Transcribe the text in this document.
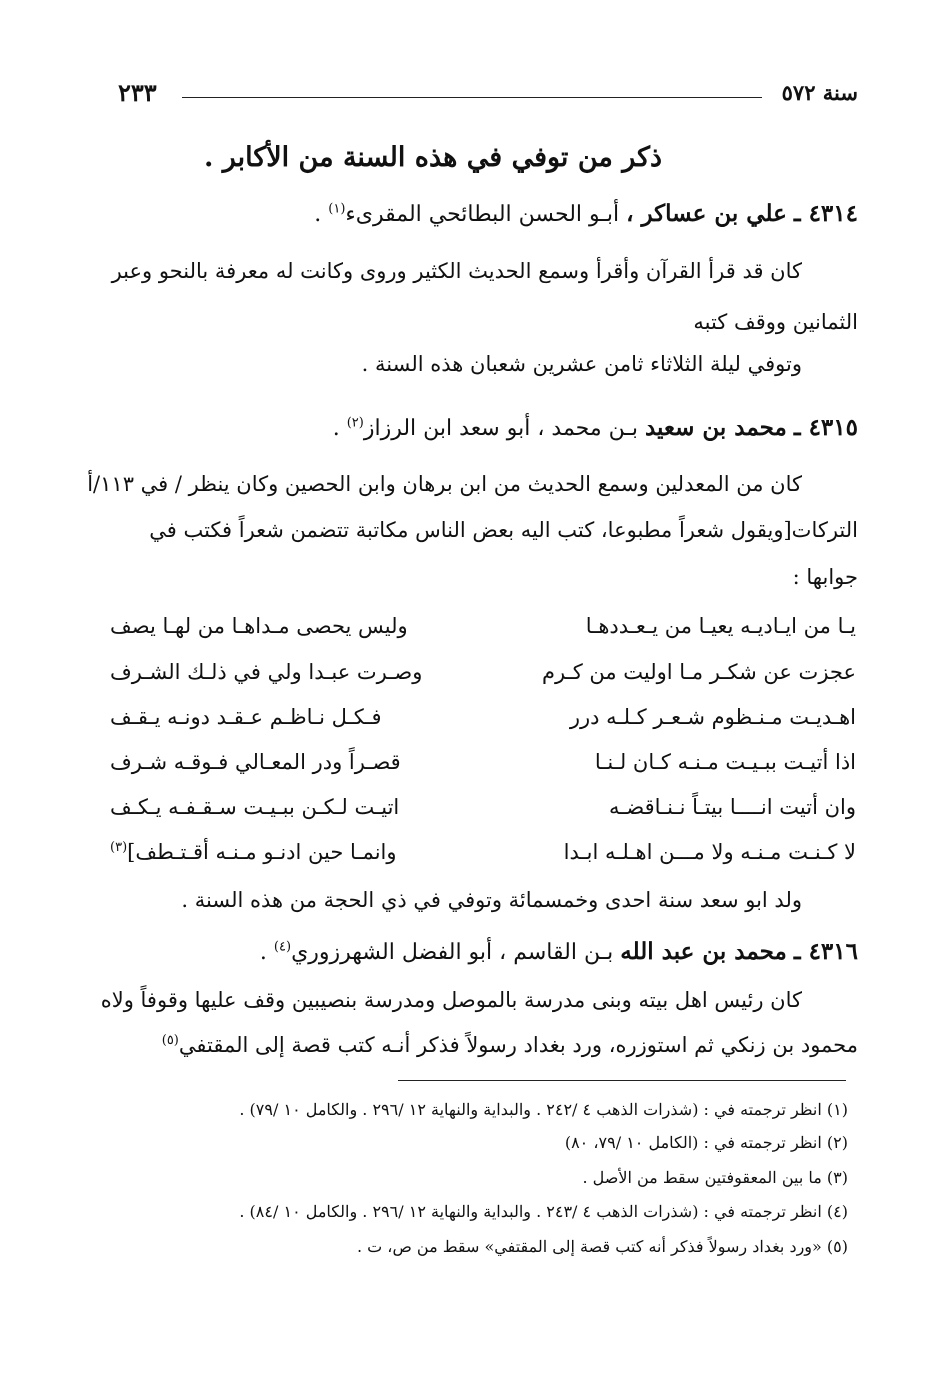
سنة ٥٧٢
٢٣٣
ذكر من توفي في هذه السنة من الأكابر .
٤٣١٤ ـ علي بن عساكر ، أبـو الحسن البطائحي المقرىء$^{(١)}$ .
كان قد قرأ القرآن وأقرأ وسمع الحديث الكثير وروى وكانت له معرفة بالنحو وعبر
الثمانين ووقف كتبه
وتوفي ليلة الثلاثاء ثامن عشرين شعبان هذه السنة .
٤٣١٥ ـ محمد بن سعيد بـن محمد ، أبو سعد ابن الرزاز$^{(٢)}$ .
كان من المعدلين وسمع الحديث من ابن برهان وابن الحصين وكان ينظر / في ١١٣/أ
التركات[ويقول شعراً مطبوعا، كتب اليه بعض الناس مكاتبة تتضمن شعراً فكتب في
جوابها :
يـا من ايـاديـه يعيـا من يـعـددهـا
وليس يحصى مـداهـا من لهـا يصف
عجزت عن شكـر مـا اوليت من كـرم
وصـرت عبـدا ولي في ذلـك الشـرف
اهـديـت مـنـظوم شـعـر كـلـه درر
فـكـل نـاظـم عـقـد دونـه يـقـف
اذا أتيـت ببـيـت مـنـه كـان لـنـا
قصـراً ودر المعـالي فـوقـه شـرف
وان أتيت انــــا بيتـاً نـنـاقضـه
اتيـت لـكـن ببـيـت سـقـفـه يـكـف
لا كـنـت مـنـه ولا مـــن اهـلـه ابـدا
وانمـا حين ادنـو مـنـه أقـتـطف]$^{(٣)}$
ولد ابو سعد سنة احدى وخمسمائة وتوفي في ذي الحجة من هذه السنة .
٤٣١٦ ـ محمد بن عبد الله بـن القاسم ، أبو الفضل الشهرزوري$^{(٤)}$ .
كان رئيس اهل بيته وبنى مدرسة بالموصل ومدرسة بنصيبين وقف عليها وقوفاً ولاه
محمود بن زنكي ثم استوزره، ورد بغداد رسولاً فذكر أنـه كتب قصة إلى المقتفي$^{(٥)}$
(١) انظر ترجمته في : (شذرات الذهب ٤ /٢٤٢ . والبداية والنهاية ١٢ /٢٩٦ . والكامل ١٠ /٧٩) .
(٢) انظر ترجمته في : (الكامل ١٠ /٧٩، ٨٠)
(٣) ما بين المعقوفتين سقط من الأصل .
(٤) انظر ترجمته في : (شذرات الذهب ٤ /٢٤٣ . والبداية والنهاية ١٢ /٢٩٦ . والكامل ١٠ /٨٤) .
(٥) «ورد بغداد رسولاً فذكر أنه كتب قصة إلى المقتفي» سقط من ص، ت .
